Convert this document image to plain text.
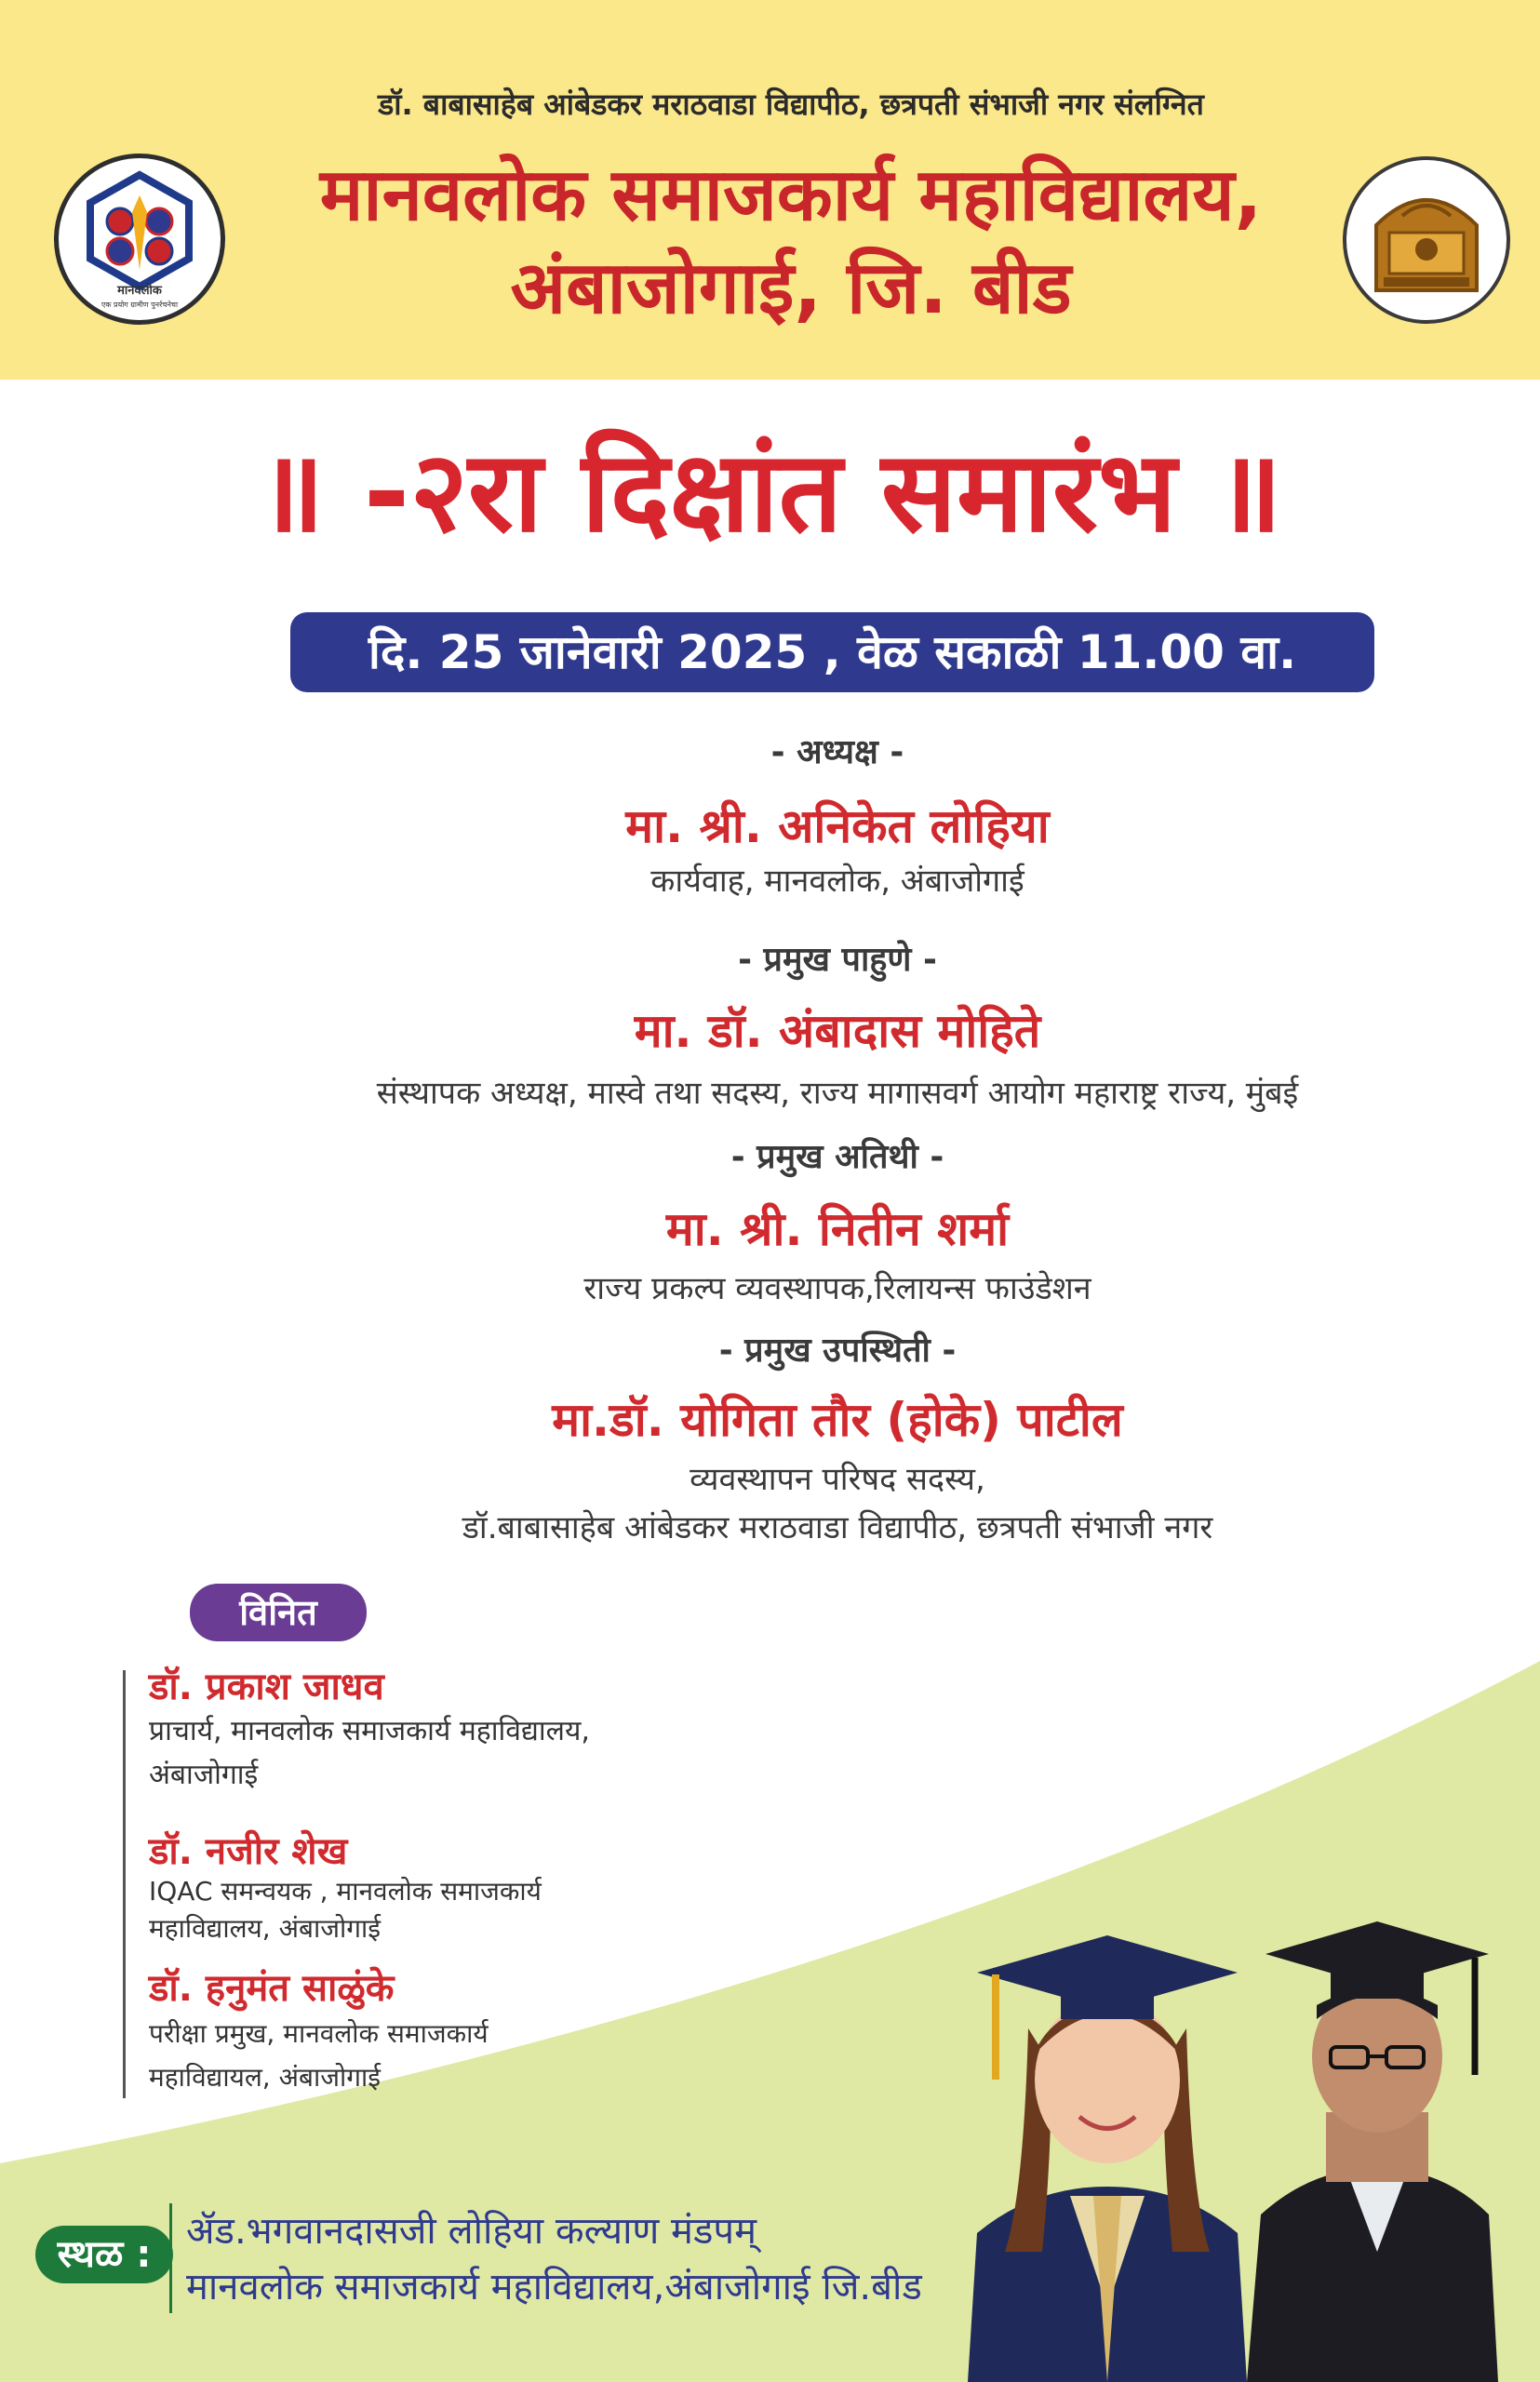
डॉ. बाबासाहेब आंबेडकर मराठवाडा विद्यापीठ, छत्रपती संभाजी नगर संलग्नित
मानवलोक समाजकार्य महाविद्यालय,
अंबाजोगाई, जि. बीड
मानवलोक
एक प्रयोग ग्रामीण पुनर्रचनेचा
॥ -२रा दिक्षांत समारंभ ॥
दि. 25 जानेवारी 2025 , वेळ सकाळी 11.00 वा.
- अध्यक्ष -
मा. श्री. अनिकेत लोहिया
कार्यवाह, मानवलोक, अंबाजोगाई
- प्रमुख पाहुणे -
मा. डॉ. अंबादास मोहिते
संस्थापक अध्यक्ष, मास्वे तथा सदस्य, राज्य मागासवर्ग आयोग महाराष्ट्र राज्य, मुंबई
- प्रमुख अतिथी -
मा. श्री. नितीन शर्मा
राज्य प्रकल्प व्यवस्थापक,रिलायन्स फाउंडेशन
- प्रमुख उपस्थिती -
मा.डॉ. योगिता तौर (होके) पाटील
व्यवस्थापन परिषद सदस्य,
डॉ.बाबासाहेब आंबेडकर मराठवाडा विद्यापीठ, छत्रपती संभाजी नगर
विनित
डॉ. प्रकाश जाधव
प्राचार्य, मानवलोक समाजकार्य महाविद्यालय,
अंबाजोगाई
डॉ. नजीर शेख
IQAC समन्वयक , मानवलोक समाजकार्य
महाविद्यालय, अंबाजोगाई
डॉ. हनुमंत साळुंके
परीक्षा प्रमुख, मानवलोक समाजकार्य
महाविद्यायल, अंबाजोगाई
स्थळ :
ॲड.भगवानदासजी लोहिया कल्याण मंडपम्
मानवलोक समाजकार्य महाविद्यालय,अंबाजोगाई जि.बीड
